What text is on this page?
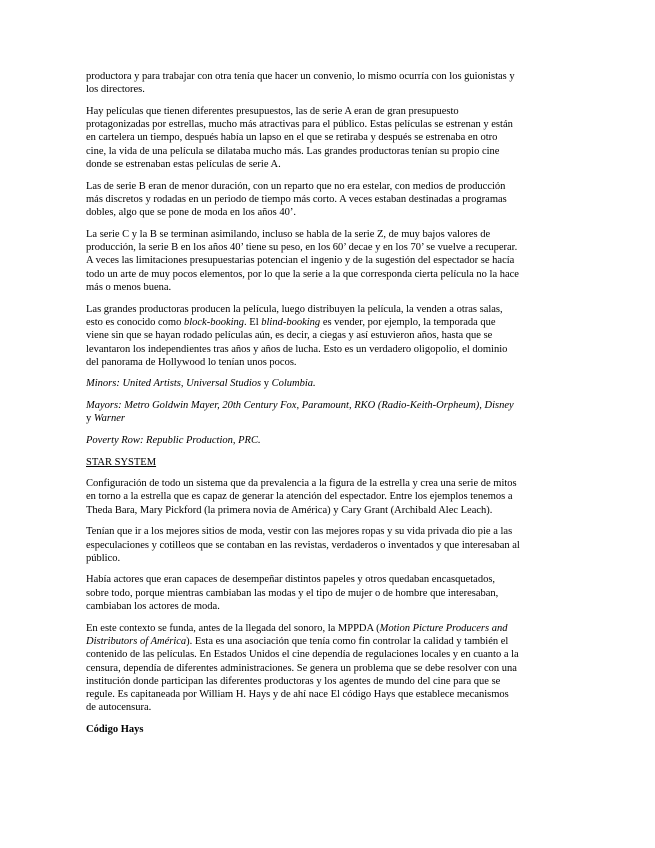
productora y para trabajar con otra tenía que hacer un convenio, lo mismo ocurría con los guionistas y los directores.

Hay películas que tienen diferentes presupuestos, las de serie A eran de gran presupuesto protagonizadas por estrellas, mucho más atractivas para el público. Estas películas se estrenan y están en cartelera un tiempo, después había un lapso en el que se retiraba y después se estrenaba en otro cine, la vida de una película se dilataba mucho más. Las grandes productoras tenían su propio cine donde se estrenaban estas películas de serie A.

Las de serie B eran de menor duración, con un reparto que no era estelar, con medios de producción más discretos y rodadas en un periodo de tiempo más corto. A veces estaban destinadas a programas dobles, algo que se pone de moda en los años 40’.

La serie C y la B se terminan asimilando, incluso se habla de la serie Z, de muy bajos valores de producción, la serie B en los años 40’ tiene su peso, en los 60’ decae y en los 70’ se vuelve a recuperar. A veces las limitaciones presupuestarias potencian el ingenio y de la sugestión del espectador se hacía todo un arte de muy pocos elementos, por lo que la serie a la que corresponda cierta película no la hace más o menos buena.

Las grandes productoras producen la película, luego distribuyen la película, la venden a otras salas, esto es conocido como block-booking. El blind-booking es vender, por ejemplo, la temporada que viene sin que se hayan rodado películas aún, es decir, a ciegas y así estuvieron años, hasta que se levantaron los independientes tras años y años de lucha. Esto es un verdadero oligopolio, el dominio del panorama de Hollywood lo tenían unos pocos.

Minors: United Artists, Universal Studios y Columbia.

Mayors: Metro Goldwin Mayer, 20th Century Fox, Paramount, RKO (Radio-Keith-Orpheum), Disney y Warner

Poverty Row: Republic Production, PRC.

STAR SYSTEM

Configuración de todo un sistema que da prevalencia a la figura de la estrella y crea una serie de mitos en torno a la estrella que es capaz de generar la atención del espectador. Entre los ejemplos tenemos a Theda Bara, Mary Pickford (la primera novia de América) y Cary Grant (Archibald Alec Leach).

Tenían que ir a los mejores sitios de moda, vestir con las mejores ropas y su vida privada dio pie a las especulaciones y cotilleos que se contaban en las revistas, verdaderos o inventados y que interesaban al público.

Había actores que eran capaces de desempeñar distintos papeles y otros quedaban encasquetados, sobre todo, porque mientras cambiaban las modas y el tipo de mujer o de hombre que interesaban, cambiaban los actores de moda.

En este contexto se funda, antes de la llegada del sonoro, la MPPDA (Motion Picture Producers and Distributors of América). Esta es una asociación que tenía como fin controlar la calidad y también el contenido de las películas. En Estados Unidos el cine dependía de regulaciones locales y en cuanto a la censura, dependía de diferentes administraciones. Se genera un problema que se debe resolver con una institución donde participan las diferentes productoras y los agentes de mundo del cine para que se regule. Es capitaneada por William H. Hays y de ahí nace El código Hays que establece mecanismos de autocensura.

Código Hays
